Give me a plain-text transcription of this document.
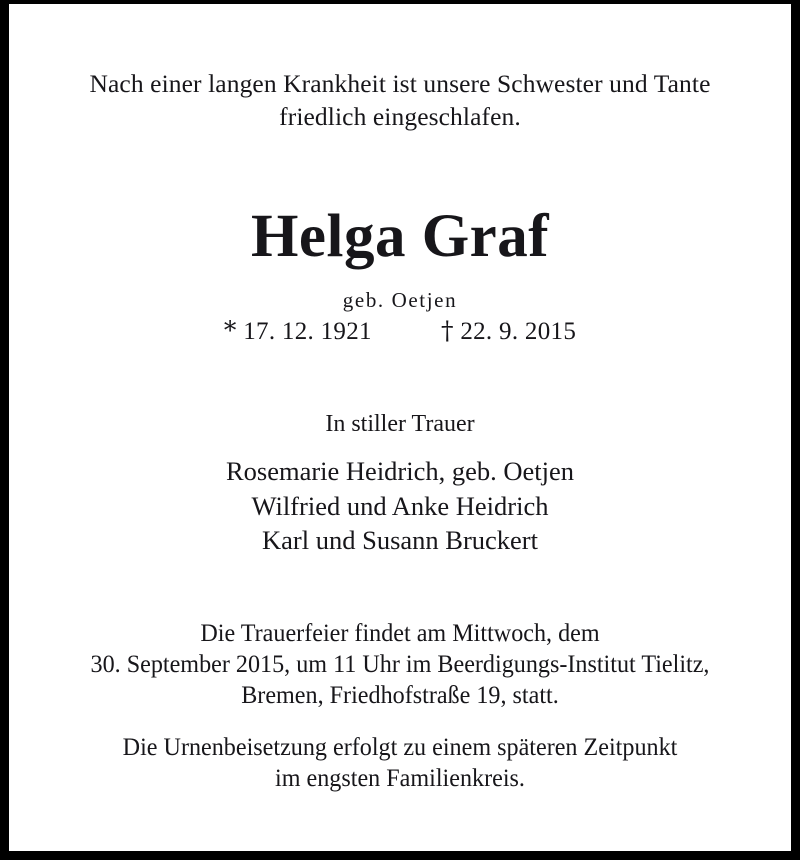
Nach einer langen Krankheit ist unsere Schwester und Tante
friedlich eingeschlafen.
Helga Graf
geb. Oetjen
* 17. 12. 1921	† 22. 9. 2015
In stiller Trauer
Rosemarie Heidrich, geb. Oetjen
Wilfried und Anke Heidrich
Karl und Susann Bruckert
Die Trauerfeier findet am Mittwoch, dem
30. September 2015, um 11 Uhr im Beerdigungs-Institut Tielitz,
Bremen, Friedhofstraße 19, statt.
Die Urnenbeisetzung erfolgt zu einem späteren Zeitpunkt
im engsten Familienkreis.
